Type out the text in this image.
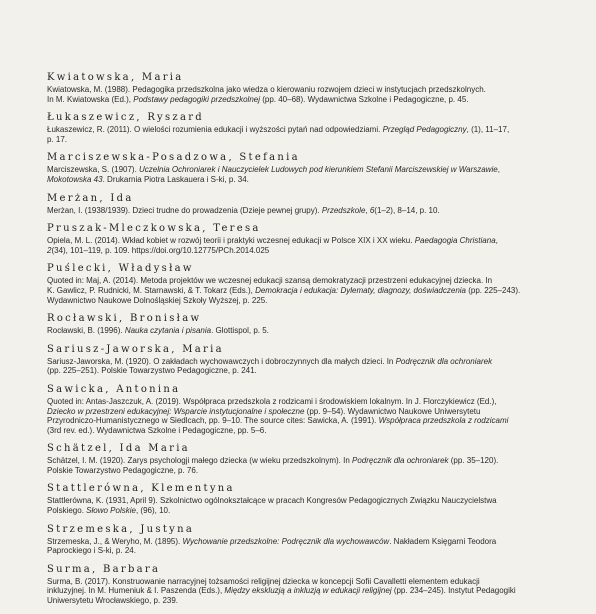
Kwiatowska, Maria
Kwiatowska, M. (1988). Pedagogika przedszkolna jako wiedza o kierowaniu rozwojem dzieci w instytucjach przedszkolnych.
In M. Kwiatowska (Ed.), Podstawy pedagogiki przedszkolnej (pp. 40–68). Wydawnictwa Szkolne i Pedagogiczne, p. 45.
Łukaszewicz, Ryszard
Łukaszewicz, R. (2011). O wielości rozumienia edukacji i wyższości pytań nad odpowiedziami. Przegląd Pedagogiczny, (1), 11–17,
p. 17.
Marciszewska-Posadzowa, Stefania
Marciszewska, S. (1907). Uczelnia Ochroniarek i Nauczycielek Ludowych pod kierunkiem Stefanii Marciszewskiej w Warszawie,
Mokotowska 43. Drukarnia Piotra Laskauera i S-ki, p. 34.
Merżan, Ida
Merżan, I. (1938/1939). Dzieci trudne do prowadzenia (Dzieje pewnej grupy). Przedszkole, 6(1–2), 8–14, p. 10.
Pruszak-Mleczkowska, Teresa
Opiela, M. L. (2014). Wkład kobiet w rozwój teorii i praktyki wczesnej edukacji w Polsce XIX i XX wieku. Paedagogia Christiana,
2(34), 101–119, p. 109. https://doi.org/10.12775/PCh.2014.025
Puślecki, Władysław
Quoted in: Maj, A. (2014). Metoda projektów we wczesnej edukacji szansą demokratyzacji przestrzeni edukacyjnej dziecka. In
K. Gawlicz, P. Rudnicki, M. Starnawski, & T. Tokarz (Eds.), Demokracja i edukacja: Dylematy, diagnozy, doświadczenia (pp. 225–243).
Wydawnictwo Naukowe Dolnośląskiej Szkoły Wyższej, p. 225.
Rocławski, Bronisław
Rocławski, B. (1996). Nauka czytania i pisania. Glottispol, p. 5.
Sariusz-Jaworska, Maria
Sariusz-Jaworska, M. (1920). O zakładach wychowawczych i dobroczynnych dla małych dzieci. In Podręcznik dla ochroniarek
(pp. 225–251). Polskie Towarzystwo Pedagogiczne, p. 241.
Sawicka, Antonina
Quoted in: Antas-Jaszczuk, A. (2019). Współpraca przedszkola z rodzicami i środowiskiem lokalnym. In J. Florczykiewicz (Ed.),
Dziecko w przestrzeni edukacyjnej: Wsparcie instytucjonalne i społeczne (pp. 9–54). Wydawnictwo Naukowe Uniwersytetu
Przyrodniczo-Humanistycznego w Siedlcach, pp. 9–10. The source cites: Sawicka, A. (1991). Współpraca przedszkola z rodzicami
(3rd rev. ed.). Wydawnictwa Szkolne i Pedagogiczne, pp. 5–6.
Schätzel, Ida Maria
Schätzel, I. M. (1920). Zarys psychologji małego dziecka (w wieku przedszkolnym). In Podręcznik dla ochroniarek (pp. 35–120).
Polskie Towarzystwo Pedagogiczne, p. 76.
Stattlerówna, Klementyna
Stattlerówna, K. (1931, April 9). Szkolnictwo ogólnokształcące w pracach Kongresów Pedagogicznych Związku Nauczycielstwa
Polskiego. Słowo Polskie, (96), 10.
Strzemeska, Justyna
Strzemeska, J., & Weryho, M. (1895). Wychowanie przedszkolne: Podręcznik dla wychowawców. Nakładem Księgarni Teodora
Paprockiego i S-ki, p. 24.
Surma, Barbara
Surma, B. (2017). Konstruowanie narracyjnej tożsamości religijnej dziecka w koncepcji Sofii Cavalletti elementem edukacji
inkluzyjnej. In M. Humeniuk & I. Paszenda (Eds.), Między ekskluzją a inkluzją w edukacji religijnej (pp. 234–245). Instytut Pedagogiki
Uniwersytetu Wrocławskiego, p. 239.
